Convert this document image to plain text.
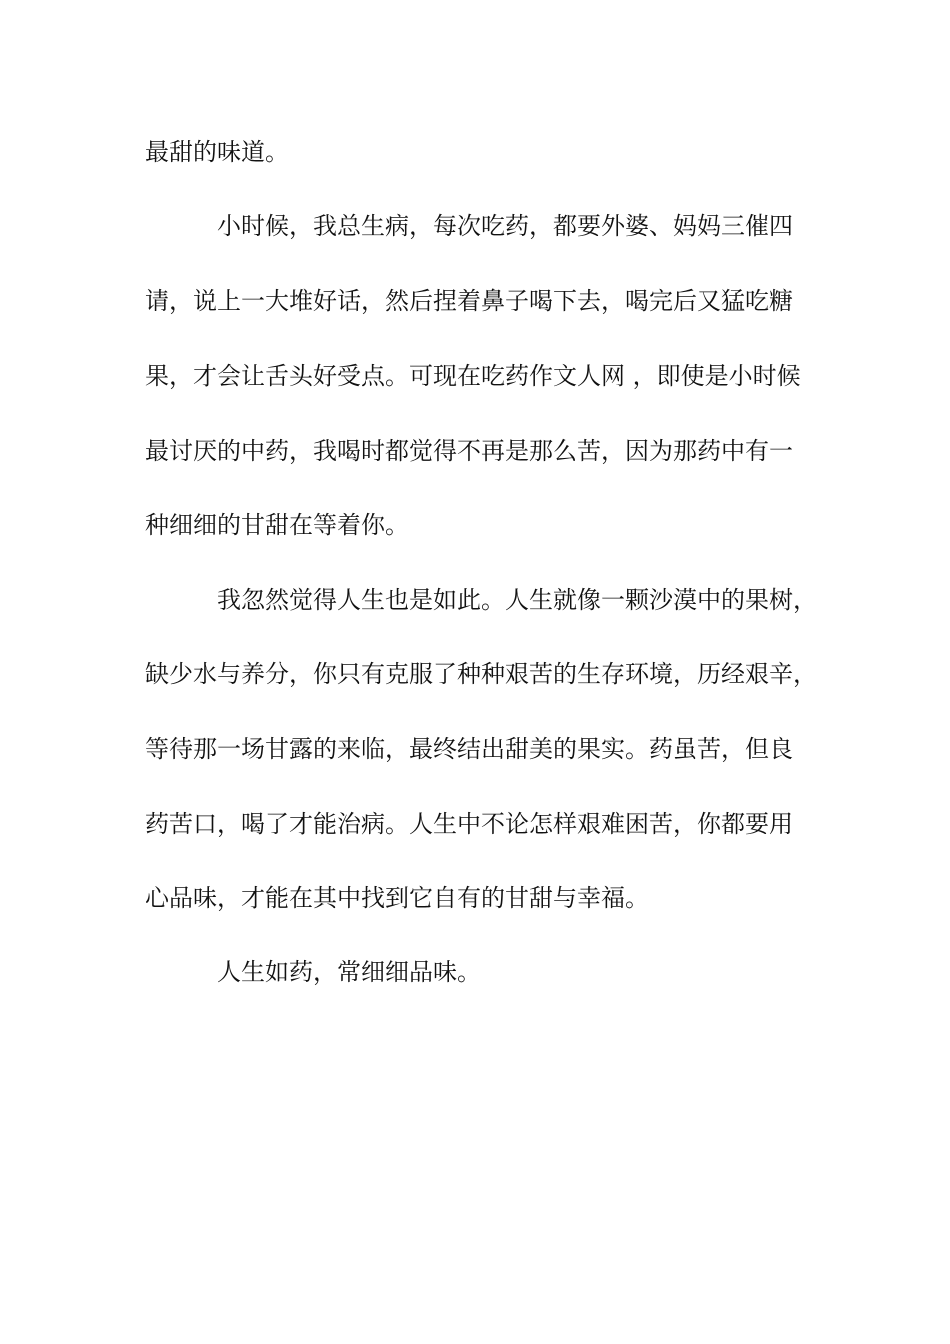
最甜的味道。

小时候，我总生病，每次吃药，都要外婆、妈妈三催四

请，说上一大堆好话，然后捏着鼻子喝下去，喝完后又猛吃糖

果，才会让舌头好受点。可现在吃药作文人网 ，即使是小时候

最讨厌的中药，我喝时都觉得不再是那么苦，因为那药中有一

种细细的甘甜在等着你。

我忽然觉得人生也是如此。人生就像一颗沙漠中的果树，

缺少水与养分，你只有克服了种种艰苦的生存环境，历经艰辛，

等待那一场甘露的来临，最终结出甜美的果实。药虽苦，但良

药苦口，喝了才能治病。人生中不论怎样艰难困苦，你都要用

心品味，才能在其中找到它自有的甘甜与幸福。

人生如药，常细细品味。
